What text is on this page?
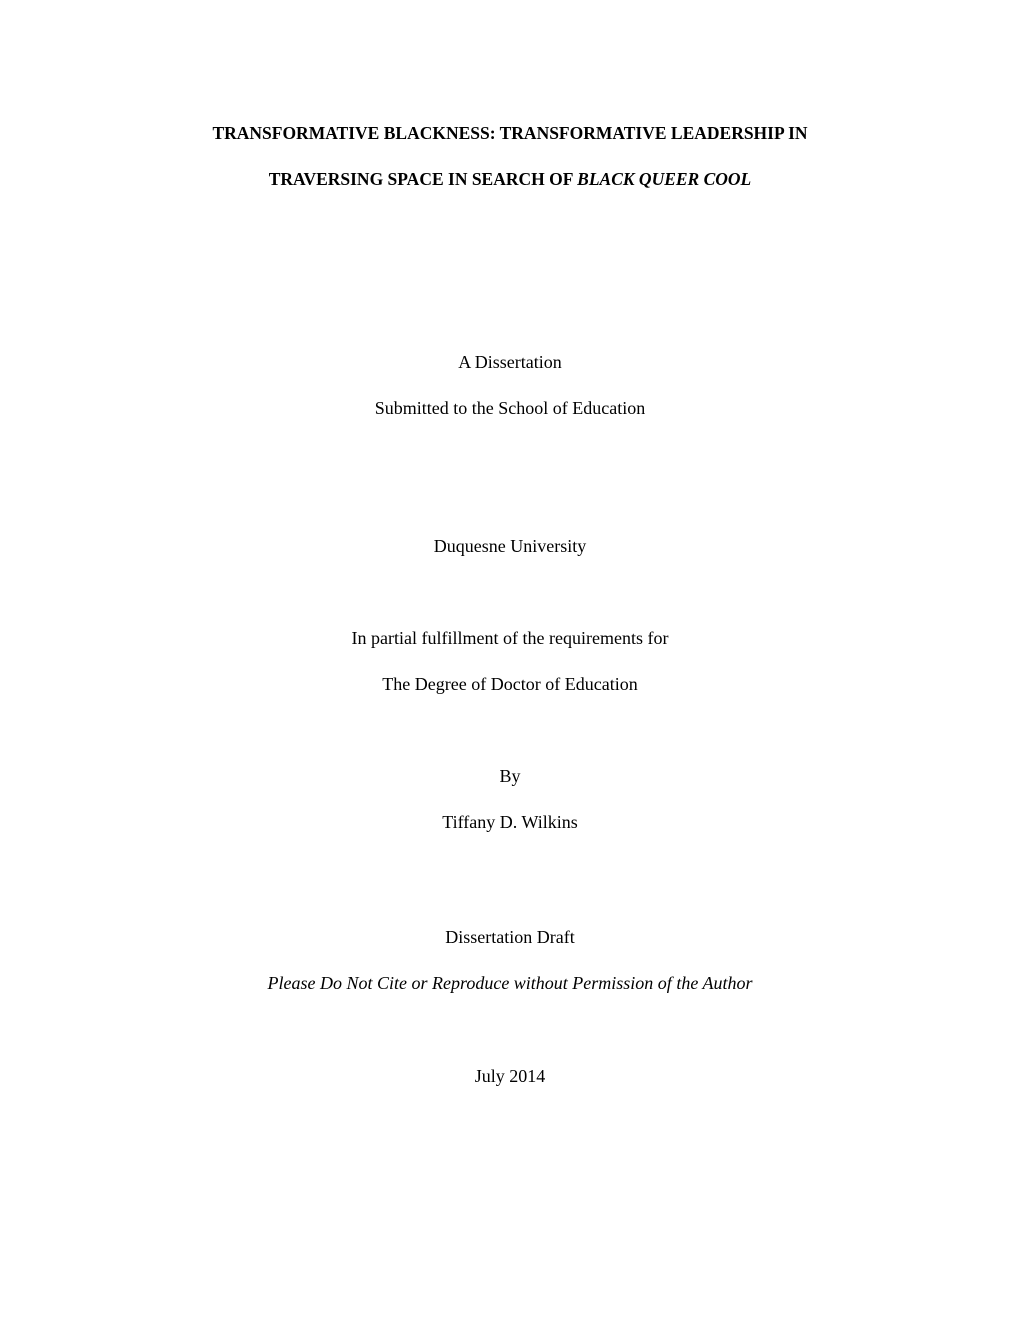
TRANSFORMATIVE BLACKNESS: TRANSFORMATIVE LEADERSHIP IN
TRAVERSING SPACE IN SEARCH OF BLACK QUEER COOL
A Dissertation
Submitted to the School of Education
Duquesne University
In partial fulfillment of the requirements for
The Degree of Doctor of Education
By
Tiffany D. Wilkins
Dissertation Draft
Please Do Not Cite or Reproduce without Permission of the Author
July 2014
